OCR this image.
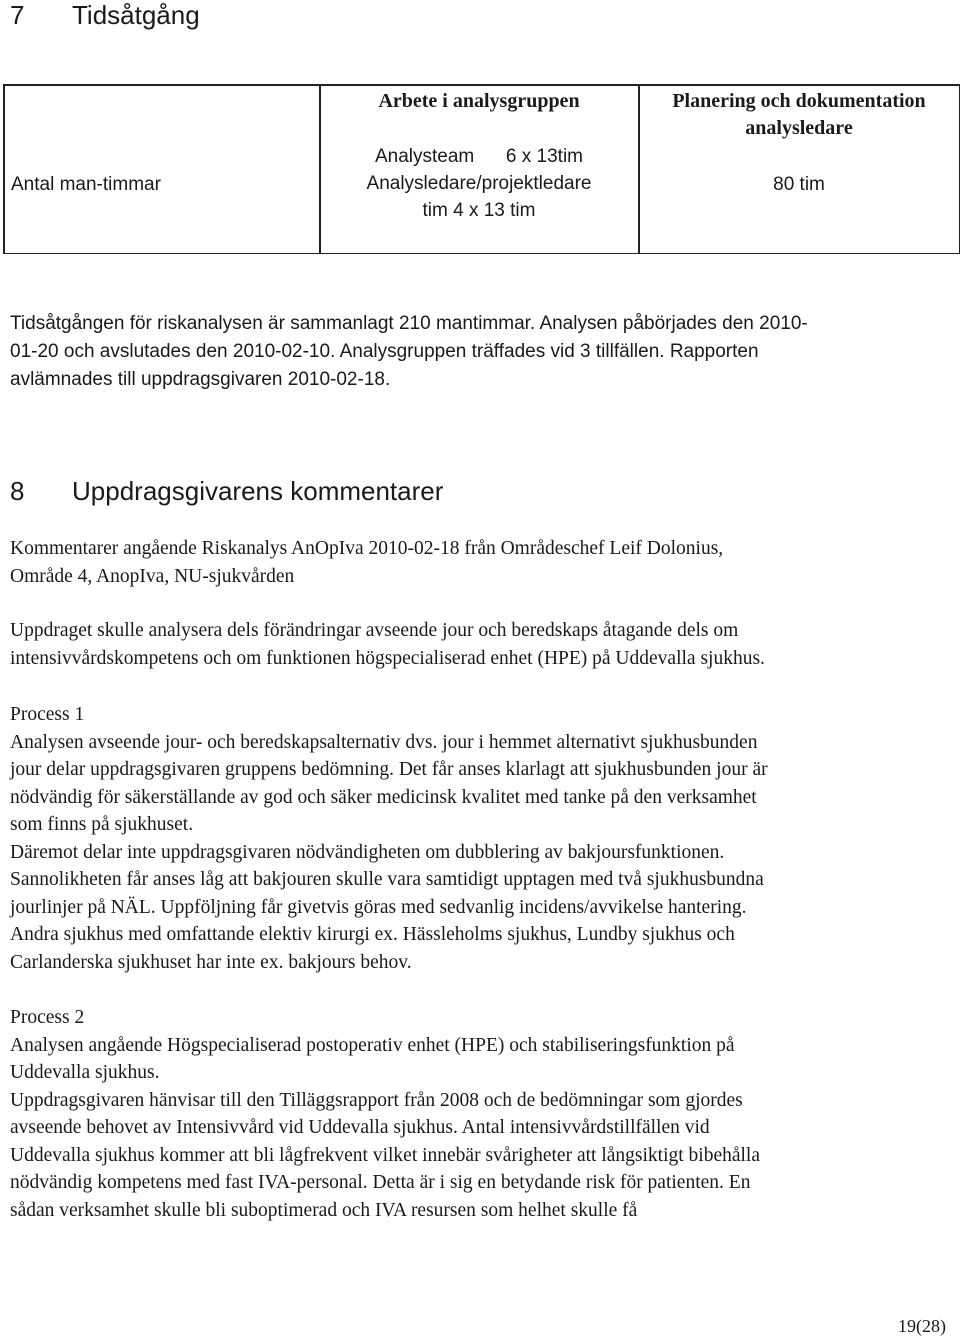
7 Tidsåtgång
Arbete i analysgruppen	Planering och dokumentation
analysledare
Antal man-timmar
Analysteam      6 x 13tim
Analysledare/projektledare
tim 4 x 13 tim
80 tim
Tidsåtgången för riskanalysen är sammanlagt 210 mantimmar. Analysen påbörjades den 2010-
01-20 och avslutades den 2010-02-10. Analysgruppen träffades vid 3 tillfällen. Rapporten
avlämnades till uppdragsgivaren 2010-02-18.
8 Uppdragsgivarens kommentarer
Kommentarer angående Riskanalys AnOpIva 2010-02-18 från Områdeschef Leif Dolonius,
Område 4, AnopIva, NU-sjukvården
Uppdraget skulle analysera dels förändringar avseende jour och beredskaps åtagande dels om
intensivvårdskompetens och om funktionen högspecialiserad enhet (HPE) på Uddevalla sjukhus.
Process 1
Analysen avseende jour- och beredskapsalternativ dvs. jour i hemmet alternativt sjukhusbunden
jour delar uppdragsgivaren gruppens bedömning. Det får anses klarlagt att sjukhusbunden jour är
nödvändig för säkerställande av god och säker medicinsk kvalitet med tanke på den verksamhet
som finns på sjukhuset.
Däremot delar inte uppdragsgivaren nödvändigheten om dubblering av bakjoursfunktionen.
Sannolikheten får anses låg att bakjouren skulle vara samtidigt upptagen med två sjukhusbundna
jourlinjer på NÄL. Uppföljning får givetvis göras med sedvanlig incidens/avvikelse hantering.
Andra sjukhus med omfattande elektiv kirurgi ex. Hässleholms sjukhus, Lundby sjukhus och
Carlanderska sjukhuset har inte ex. bakjours behov.
Process 2
Analysen angående Högspecialiserad postoperativ enhet (HPE) och stabiliseringsfunktion på
Uddevalla sjukhus.
Uppdragsgivaren hänvisar till den Tilläggsrapport från 2008 och de bedömningar som gjordes
avseende behovet av Intensivvård vid Uddevalla sjukhus. Antal intensivvårdstillfällen vid
Uddevalla sjukhus kommer att bli lågfrekvent vilket innebär svårigheter att långsiktigt bibehålla
nödvändig kompetens med fast IVA-personal. Detta är i sig en betydande risk för patienten. En
sådan verksamhet skulle bli suboptimerad och IVA resursen som helhet skulle få
19(28)
